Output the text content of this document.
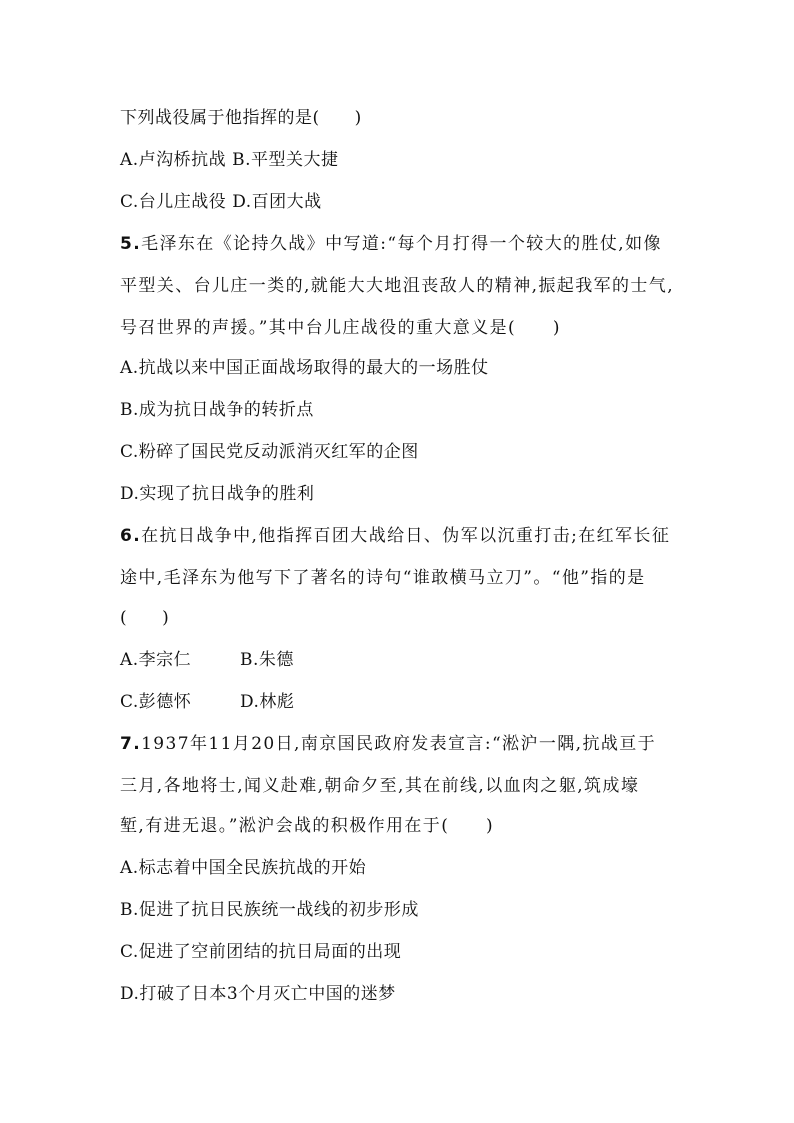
下列战役属于他指挥的是(　　)
A.卢沟桥抗战 B.平型关大捷
C.台儿庄战役 D.百团大战
5.毛泽东在《论持久战》中写道:“每个月打得一个较大的胜仗,如像
平型关、台儿庄一类的,就能大大地沮丧敌人的精神,振起我军的士气,
号召世界的声援。”其中台儿庄战役的重大意义是(　　)
A.抗战以来中国正面战场取得的最大的一场胜仗
B.成为抗日战争的转折点
C.粉碎了国民党反动派消灭红军的企图
D.实现了抗日战争的胜利
6.在抗日战争中,他指挥百团大战给日、伪军以沉重打击;在红军长征
途中,毛泽东为他写下了著名的诗句“谁敢横马立刀”。“他”指的是
(　　)
A.李宗仁	B.朱德
C.彭德怀	D.林彪
7.1937年11月20日,南京国民政府发表宣言:“淞沪一隅,抗战亘于
三月,各地将士,闻义赴难,朝命夕至,其在前线,以血肉之躯,筑成壕
堑,有进无退。”淞沪会战的积极作用在于(　　)
A.标志着中国全民族抗战的开始
B.促进了抗日民族统一战线的初步形成
C.促进了空前团结的抗日局面的出现
D.打破了日本3个月灭亡中国的迷梦
